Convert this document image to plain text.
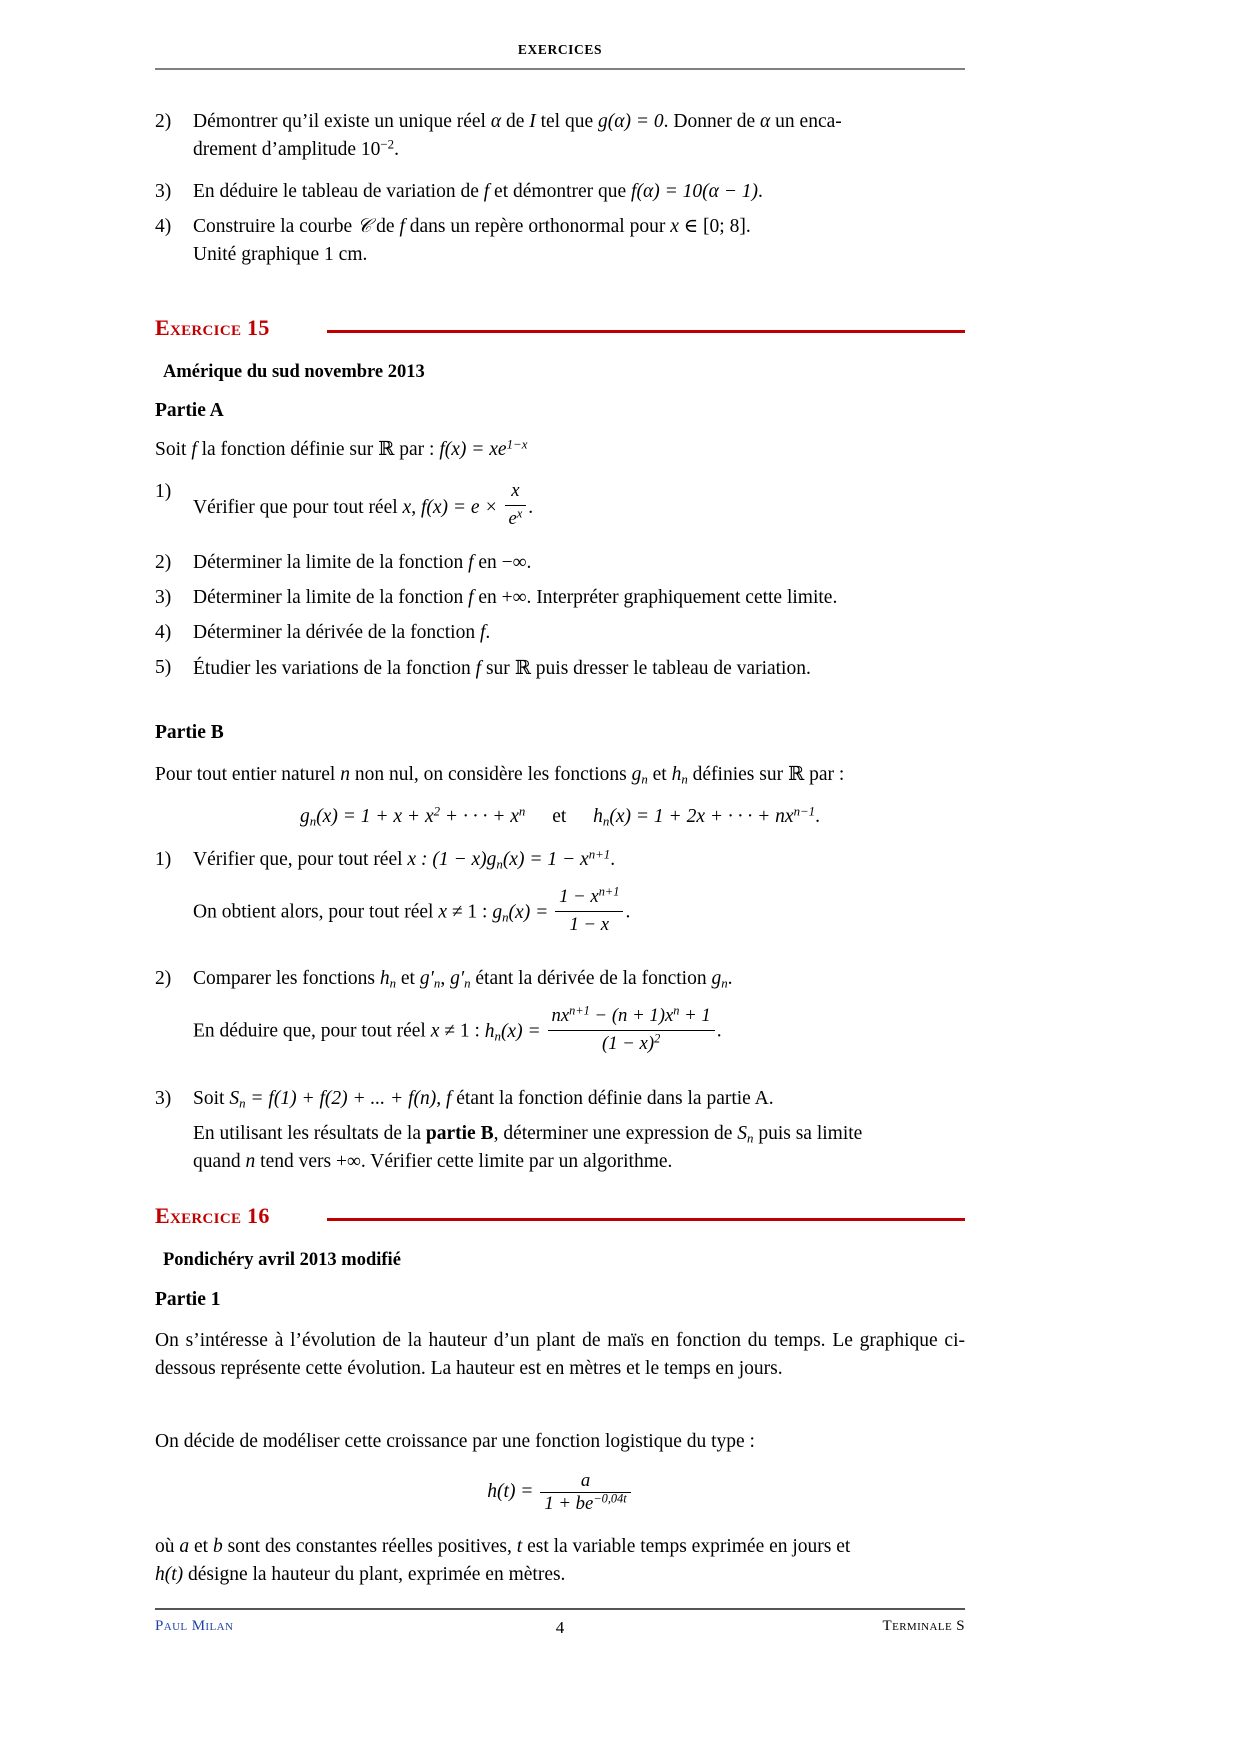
EXERCICES
2)	Démontrer qu’il existe un unique réel α de I tel que g(α) = 0. Donner de α un enca-
drement d’amplitude $10^{-2}$.
3)	En déduire le tableau de variation de f et démontrer que f(α) = 10(α − 1).
4)	Construire la courbe 𝒞 de f dans un repère orthonormal pour x ∈ [0; 8].
Unité graphique 1 cm.
Exercice 15
Amérique du sud novembre 2013
Partie A
Soit f la fonction définie sur ℝ par : $f(x) = xe^{1-x}$
1)
Vérifier que pour tout réel x, $f(x) = e \times \frac{x}{e^x}$ .
2)	Déterminer la limite de la fonction f en −∞.
3)	Déterminer la limite de la fonction f en +∞. Interpréter graphiquement cette limite.
4)	Déterminer la dérivée de la fonction f.
5)	Étudier les variations de la fonction f sur ℝ puis dresser le tableau de variation.
Partie B
Pour tout entier naturel n non nul, on considère les fonctions $g_n$ et $h_n$ définies sur ℝ par :
$g_n(x) = 1 + x + x^2$ + · · · + $x^n$ et $h_n(x) = 1 + 2x$ + · · · + $nx^{n-1}$.
1)	Vérifier que, pour tout réel x : $(1 - x)g_n(x) = 1 - x^{n+1}$.
On obtient alors, pour tout réel x ≠ 1 : $g_n(x) = \frac{1 - x^{n+1}}{1 - x}$ .
2)	Comparer les fonctions $h_n$ et $g'_n$, $g'_n$ étant la dérivée de la fonction $g_n$.
En déduire que, pour tout réel x ≠ 1 : $h_n(x) = \frac{nx^{n+1} - (n + 1)x^n + 1}{(1 - x)^2}$ .
3)	Soit $S_n = f(1) + f(2)$ + ... + f(n), f étant la fonction définie dans la partie A.
En utilisant les résultats de la partie B, déterminer une expression de $S_n$ puis sa limite
quand n tend vers +∞. Vérifier cette limite par un algorithme.
Exercice 16
Pondichéry avril 2013 modifié
Partie 1

On s’intéresse à l’évolution de la hauteur d’un plant de maïs en fonction du temps. Le graphique ci-dessous représente cette évolution. La hauteur est en mètres et le temps en jours.

On décide de modéliser cette croissance par une fonction logistique du type :

$h(t) = \frac{a}{1 + be^{-0,04t}}$
où a et b sont des constantes réelles positives, t est la variable temps exprimée en jours et
h(t) désigne la hauteur du plant, exprimée en mètres.
Paul Milan	4	Terminale S
